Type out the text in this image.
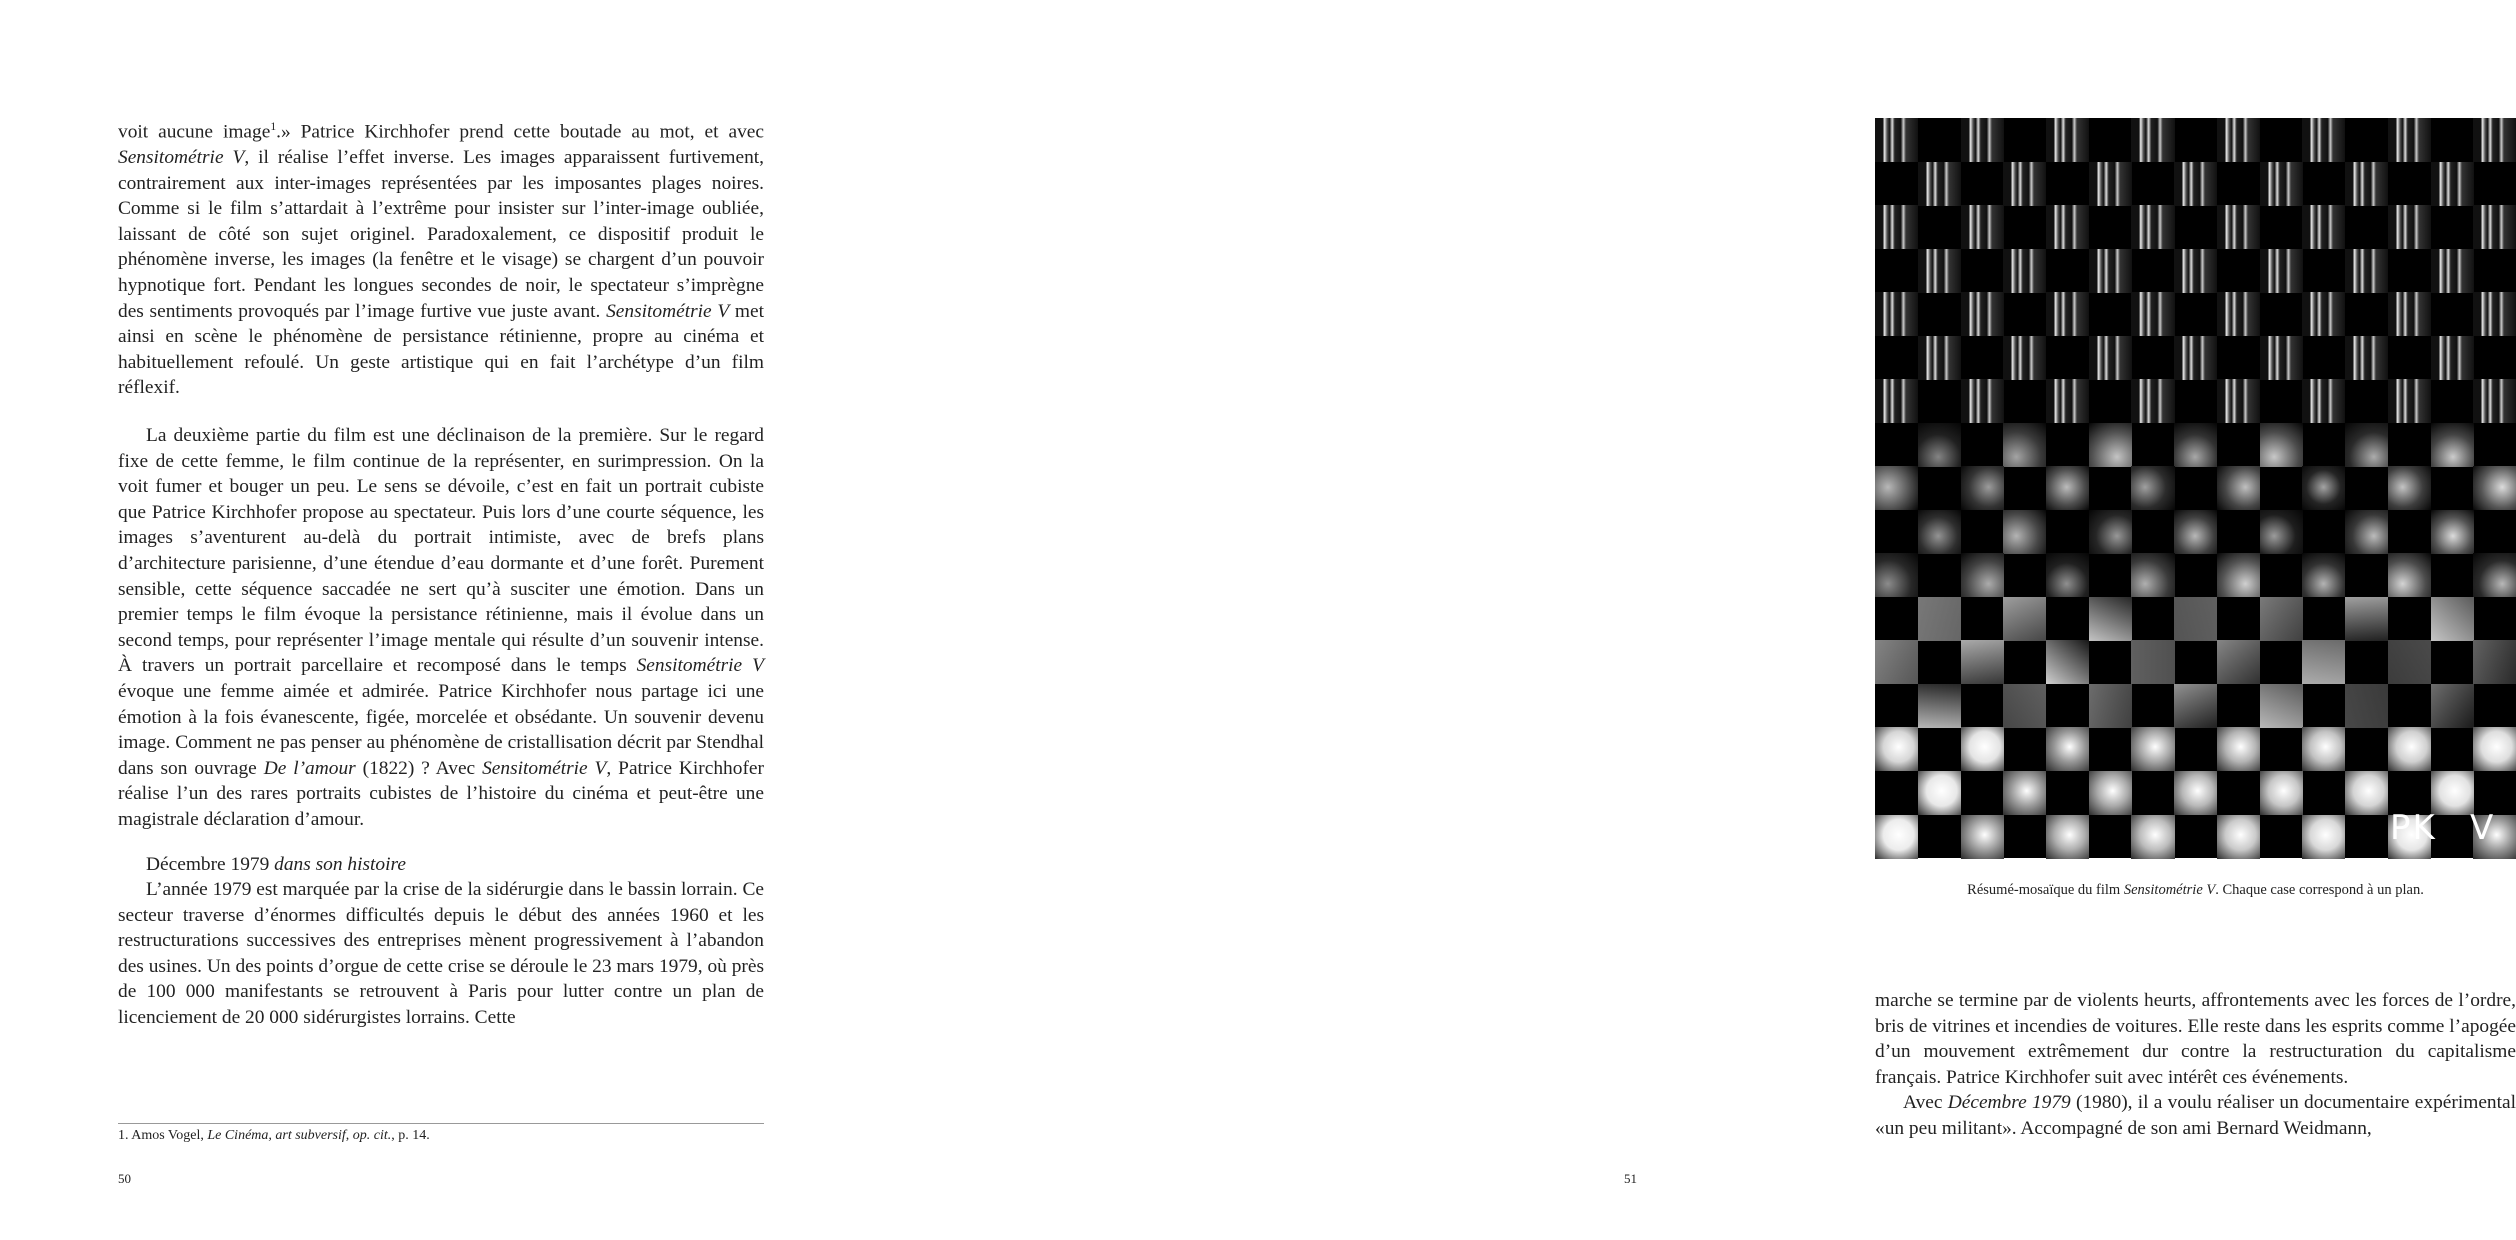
voit aucune image$^1$.» Patrice Kirchhofer prend cette boutade au mot, et avec Sensitométrie V, il réalise l’effet inverse. Les images apparaissent furtivement, contrairement aux inter-images représentées par les imposantes plages noires. Comme si le film s’attardait à l’extrême pour insister sur l’inter-image oubliée, laissant de côté son sujet originel. Paradoxalement, ce dispositif produit le phénomène inverse, les images (la fenêtre et le visage) se chargent d’un pouvoir hypnotique fort. Pendant les longues secondes de noir, le spectateur s’imprègne des sentiments provoqués par l’image furtive vue juste avant. Sensitométrie V met ainsi en scène le phénomène de persistance rétinienne, propre au cinéma et habituellement refoulé. Un geste artistique qui en fait l’archétype d’un film réflexif.

La deuxième partie du film est une déclinaison de la première. Sur le regard fixe de cette femme, le film continue de la représenter, en surimpression. On la voit fumer et bouger un peu. Le sens se dévoile, c’est en fait un portrait cubiste que Patrice Kirchhofer propose au spectateur. Puis lors d’une courte séquence, les images s’aventurent au-delà du portrait intimiste, avec de brefs plans d’architecture parisienne, d’une étendue d’eau dormante et d’une forêt. Purement sensible, cette séquence saccadée ne sert qu’à susciter une émotion. Dans un premier temps le film évoque la persistance rétinienne, mais il évolue dans un second temps, pour représenter l’image mentale qui résulte d’un souvenir intense. À travers un portrait parcellaire et recomposé dans le temps Sensitométrie V évoque une femme aimée et admirée. Patrice Kirchhofer nous partage ici une émotion à la fois évanescente, figée, morcelée et obsédante. Un souvenir devenu image. Comment ne pas penser au phénomène de cristallisation décrit par Stendhal dans son ouvrage De l’amour (1822) ? Avec Sensitométrie V, Patrice Kirchhofer réalise l’un des rares portraits cubistes de l’histoire du cinéma et peut-être une magistrale déclaration d’amour.

Décembre 1979 dans son histoire

L’année 1979 est marquée par la crise de la sidérurgie dans le bassin lorrain. Ce secteur traverse d’énormes difficultés depuis le début des années 1960 et les restructurations successives des entreprises mènent progressivement à l’abandon des usines. Un des points d’orgue de cette crise se déroule le 23 mars 1979, où près de 100 000 manifestants se retrouvent à Paris pour lutter contre un plan de licenciement de 20 000 sidérurgistes lorrains. Cette

1. Amos Vogel, Le Cinéma, art subversif, op. cit., p. 14.

50
PK V

Résumé-mosaïque du film Sensitométrie V. Chaque case correspond à un plan.

marche se termine par de violents heurts, affrontements avec les forces de l’ordre, bris de vitrines et incendies de voitures. Elle reste dans les esprits comme l’apogée d’un mouvement extrêmement dur contre la restructuration du capitalisme français. Patrice Kirchhofer suit avec intérêt ces événements.

Avec Décembre 1979 (1980), il a voulu réaliser un documentaire expérimental «un peu militant». Accompagné de son ami Bernard Weidmann,

51
